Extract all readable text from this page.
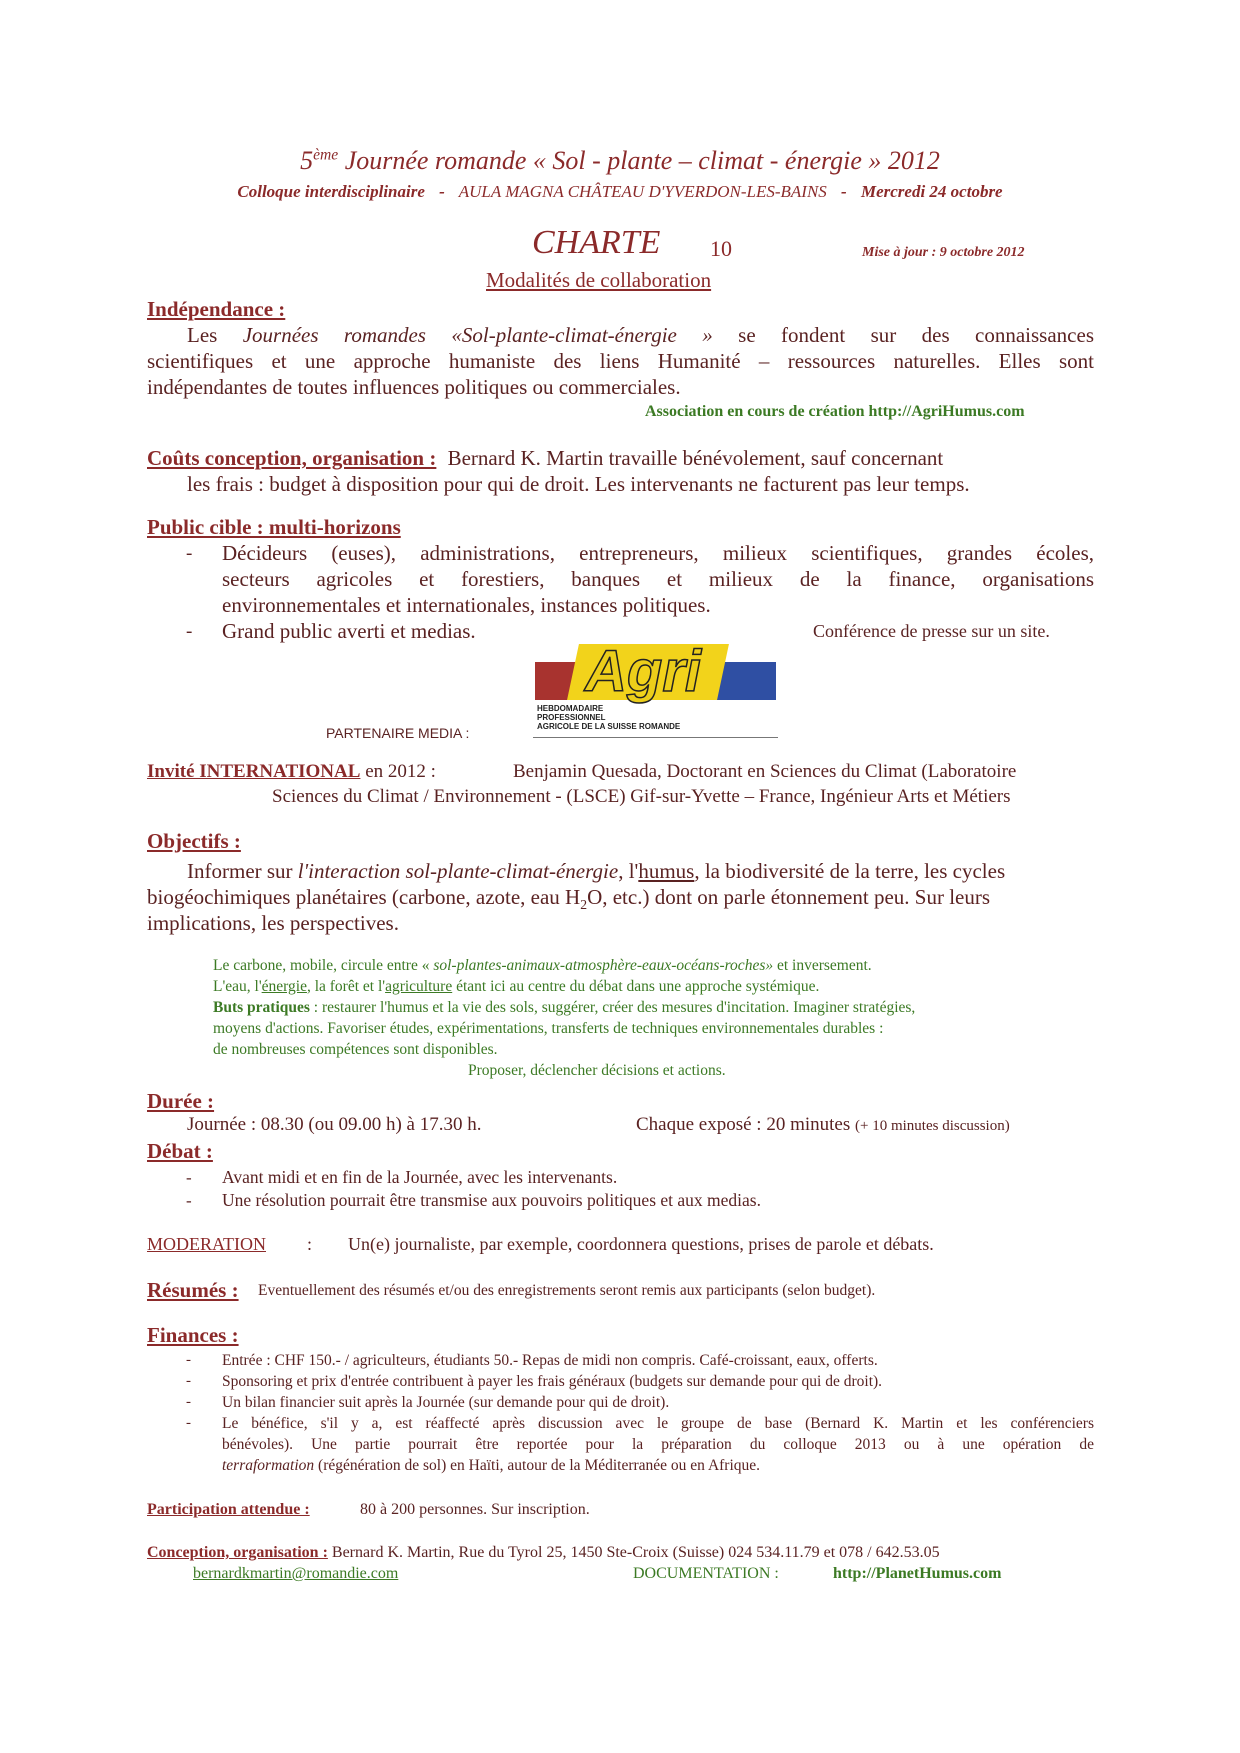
5ème Journée romande « Sol - plante – climat - énergie » 2012
Colloque interdisciplinaire - AULA MAGNA CHÂTEAU D'YVERDON-LES-BAINS - Mercredi 24 octobre
CHARTE 10	Mise à jour : 9 octobre 2012
Modalités de collaboration
Indépendance :
Les Journées romandes «Sol-plante-climat-énergie » se fondent sur des connaissances
scientifiques et une approche humaniste des liens Humanité – ressources naturelles. Elles sont
indépendantes de toutes influences politiques ou commerciales.
Association en cours de création http://AgriHumus.com
Coûts conception, organisation : Bernard K. Martin travaille bénévolement, sauf concernant
les frais : budget à disposition pour qui de droit. Les intervenants ne facturent pas leur temps.
Public cible : multi-horizons
- Décideurs (euses), administrations, entrepreneurs, milieux scientifiques, grandes écoles,
secteurs agricoles et forestiers, banques et milieux de la finance, organisations
environnementales et internationales, instances politiques.
- Grand public averti et medias.	Conférence de presse sur un site.
PARTENAIRE MEDIA :
Agri
HEBDOMADAIRE
PROFESSIONNEL
AGRICOLE DE LA SUISSE ROMANDE
Invité INTERNATIONAL en 2012 :	Benjamin Quesada, Doctorant en Sciences du Climat (Laboratoire
Sciences du Climat / Environnement - (LSCE) Gif-sur-Yvette – France, Ingénieur Arts et Métiers
Objectifs :
Informer sur l'interaction sol-plante-climat-énergie, l'humus, la biodiversité de la terre, les cycles
biogéochimiques planétaires (carbone, azote, eau $H_2O$, etc.) dont on parle étonnement peu. Sur leurs
implications, les perspectives.
Le carbone, mobile, circule entre « sol-plantes-animaux-atmosphère-eaux-océans-roches» et inversement.
L'eau, l'énergie, la forêt et l'agriculture étant ici au centre du débat dans une approche systémique.
Buts pratiques : restaurer l'humus et la vie des sols, suggérer, créer des mesures d'incitation. Imaginer stratégies,
moyens d'actions. Favoriser études, expérimentations, transferts de techniques environnementales durables :
de nombreuses compétences sont disponibles.
Proposer, déclencher décisions et actions.
Durée :
Journée : 08.30 (ou 09.00 h) à 17.30 h.	Chaque exposé : 20 minutes (+ 10 minutes discussion)
Débat :
- Avant midi et en fin de la Journée, avec les intervenants.
- Une résolution pourrait être transmise aux pouvoirs politiques et aux medias.
MODERATION : Un(e) journaliste, par exemple, coordonnera questions, prises de parole et débats.
Résumés : Eventuellement des résumés et/ou des enregistrements seront remis aux participants (selon budget).
Finances :
- Entrée : CHF 150.- / agriculteurs, étudiants 50.- Repas de midi non compris. Café-croissant, eaux, offerts.
- Sponsoring et prix d'entrée contribuent à payer les frais généraux (budgets sur demande pour qui de droit).
- Un bilan financier suit après la Journée (sur demande pour qui de droit).
- Le bénéfice, s'il y a, est réaffecté après discussion avec le groupe de base (Bernard K. Martin et les conférenciers
bénévoles). Une partie pourrait être reportée pour la préparation du colloque 2013 ou à une opération de
terraformation (régénération de sol) en Haïti, autour de la Méditerranée ou en Afrique.
Participation attendue :	80 à 200 personnes. Sur inscription.
Conception, organisation : Bernard K. Martin, Rue du Tyrol 25, 1450 Ste-Croix (Suisse) 024 534.11.79 et 078 / 642.53.05
bernardkmartin@romandie.com	DOCUMENTATION :	http://PlanetHumus.com
